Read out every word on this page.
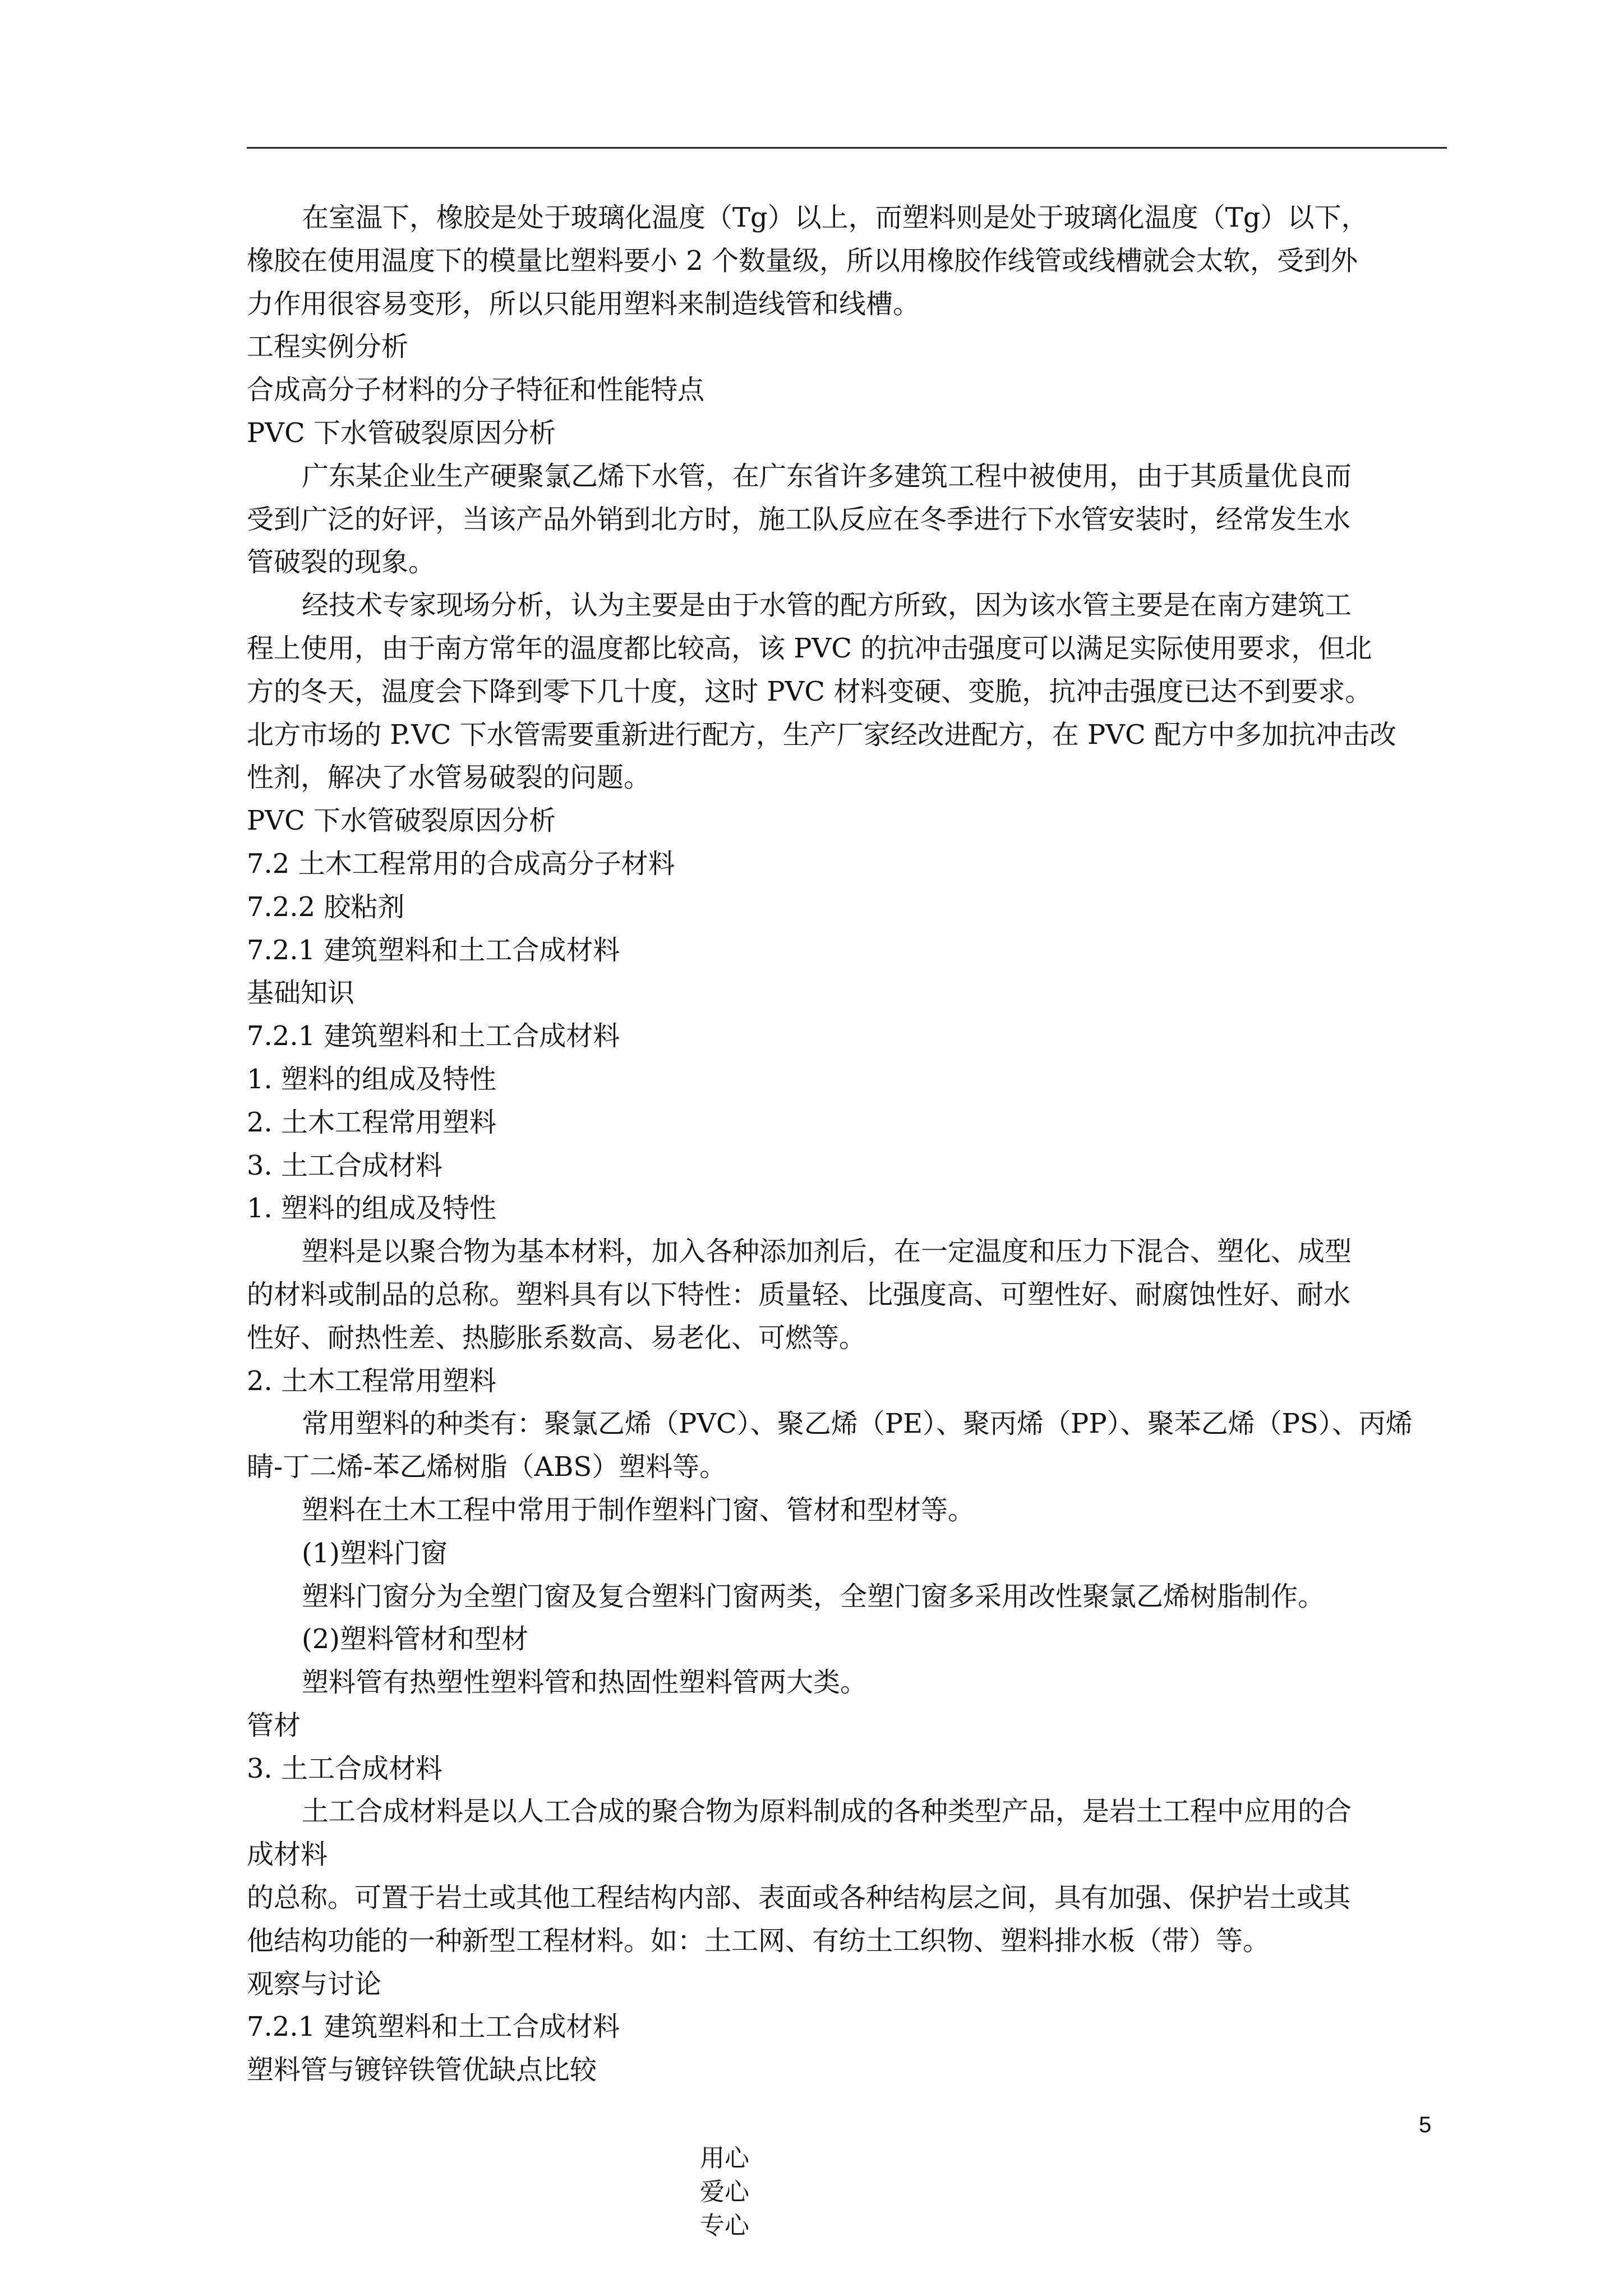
在室温下，橡胶是处于玻璃化温度（Tg）以上，而塑料则是处于玻璃化温度（Tg）以下，

橡胶在使用温度下的模量比塑料要小 2 个数量级，所以用橡胶作线管或线槽就会太软，受到外

力作用很容易变形，所以只能用塑料来制造线管和线槽。

工程实例分析

合成高分子材料的分子特征和性能特点

PVC 下水管破裂原因分析

广东某企业生产硬聚氯乙烯下水管，在广东省许多建筑工程中被使用，由于其质量优良而

受到广泛的好评，当该产品外销到北方时，施工队反应在冬季进行下水管安装时，经常发生水

管破裂的现象。

经技术专家现场分析，认为主要是由于水管的配方所致，因为该水管主要是在南方建筑工

程上使用，由于南方常年的温度都比较高，该 PVC 的抗冲击强度可以满足实际使用要求，但北

方的冬天，温度会下降到零下几十度，这时 PVC 材料变硬、变脆，抗冲击强度已达不到要求。

北方市场的 P.VC 下水管需要重新进行配方，生产厂家经改进配方，在 PVC 配方中多加抗冲击改

性剂，解决了水管易破裂的问题。

PVC 下水管破裂原因分析

7.2 土木工程常用的合成高分子材料

7.2.2 胶粘剂

7.2.1 建筑塑料和土工合成材料

基础知识

7.2.1 建筑塑料和土工合成材料

1. 塑料的组成及特性

2. 土木工程常用塑料

3. 土工合成材料

1. 塑料的组成及特性

塑料是以聚合物为基本材料，加入各种添加剂后，在一定温度和压力下混合、塑化、成型

的材料或制品的总称。塑料具有以下特性：质量轻、比强度高、可塑性好、耐腐蚀性好、耐水

性好、耐热性差、热膨胀系数高、易老化、可燃等。

2. 土木工程常用塑料

常用塑料的种类有：聚氯乙烯（PVC）、聚乙烯（PE）、聚丙烯（PP）、聚苯乙烯（PS）、丙烯

睛-丁二烯-苯乙烯树脂（ABS）塑料等。

塑料在土木工程中常用于制作塑料门窗、管材和型材等。

(1)塑料门窗

塑料门窗分为全塑门窗及复合塑料门窗两类，全塑门窗多采用改性聚氯乙烯树脂制作。

(2)塑料管材和型材

塑料管有热塑性塑料管和热固性塑料管两大类。

管材

3. 土工合成材料

土工合成材料是以人工合成的聚合物为原料制成的各种类型产品，是岩土工程中应用的合

成材料

的总称。可置于岩土或其他工程结构内部、表面或各种结构层之间，具有加强、保护岩土或其

他结构功能的一种新型工程材料。如：土工网、有纺土工织物、塑料排水板（带）等。

观察与讨论

7.2.1 建筑塑料和土工合成材料

塑料管与镀锌铁管优缺点比较

用心
爱心
专心

5
